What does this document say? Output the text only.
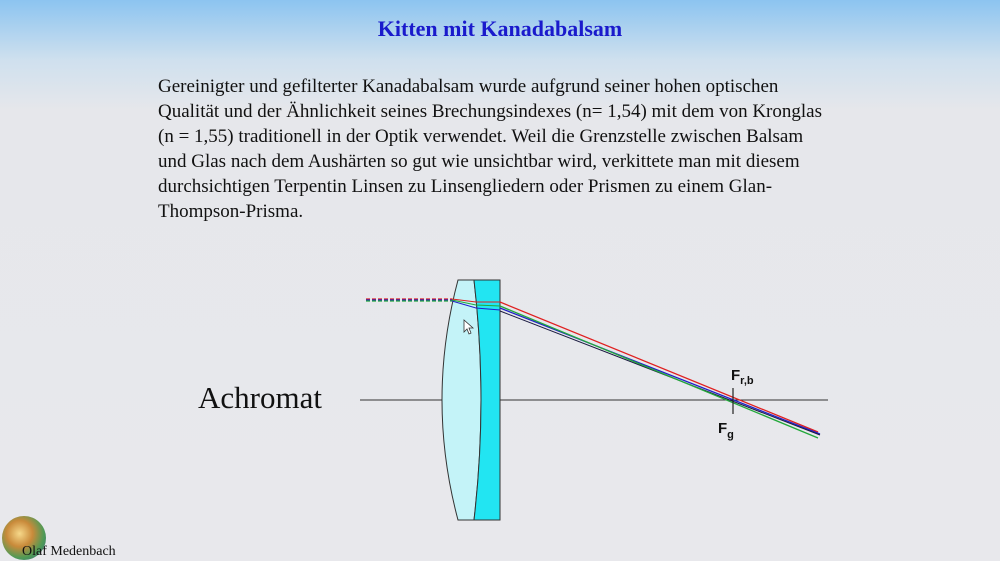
Kitten mit Kanadabalsam
Gereinigter und gefilterter Kanadabalsam wurde aufgrund seiner hohen optischen
Qualität und der Ähnlichkeit seines Brechungsindexes (n= 1,54) mit dem von Kronglas
(n = 1,55) traditionell in der Optik verwendet. Weil die Grenzstelle zwischen Balsam
und Glas nach dem Aushärten so gut wie unsichtbar wird, verkittete man mit diesem
durchsichtigen Terpentin Linsen zu Linsengliedern oder Prismen zu einem Glan-
Thompson-Prisma.
Achromat
$F_{r,b}$
$F_g$
Olaf Medenbach
